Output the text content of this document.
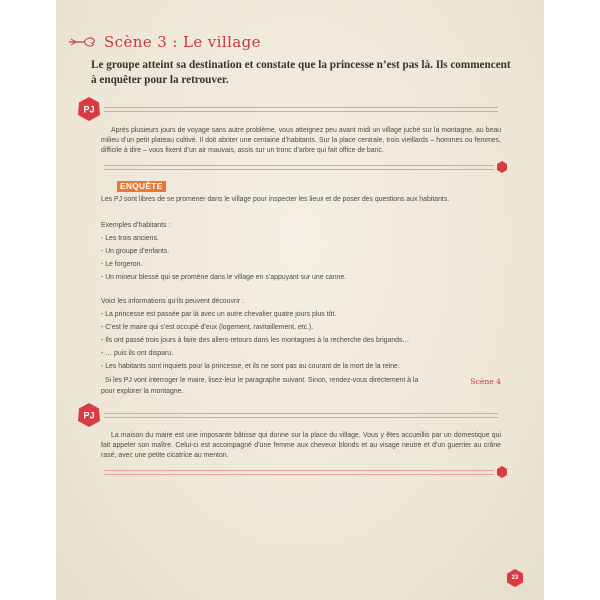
Scène 3 : Le village
Le groupe atteint sa destination et constate que la princesse n’est pas là. Ils commencent à enquêter pour la retrouver.
PJ
Après plusieurs jours de voyage sans autre problème, vous atteignez peu avant midi un village juché sur la montagne, au beau milieu d’un petit plateau cultivé. Il doit abriter une centaine d’habitants. Sur la place centrale, trois vieillards – hommes ou femmes, difficile à dire – vous fixent d’un air mauvais, assis sur un tronc d’arbre qui fait office de banc.
ENQUÊTE
Les PJ sont libres de se promener dans le village pour inspecter les lieux et de poser des questions aux habitants.
Exemples d’habitants :
- Les trois anciens.
- Un groupe d’enfants.
- Le forgeron.
- Un mineur blessé qui se promène dans le village en s’appuyant sur une canne.
Voici les informations qu’ils peuvent découvrir :
- La princesse est passée par là avec un autre chevalier quatre jours plus tôt.
- C’est le maire qui s’est occupé d’eux (logement, ravitaillement, etc.).
- Ils ont passé trois jours à faire des allers-retours dans les montagnes à la recherche des brigands…
- … puis ils ont disparu.
- Les habitants sont inquiets pour la princesse, et ils ne sont pas au courant de la mort de la reine.
Si les PJ vont interroger le maire, lisez-leur le paragraphe suivant. Sinon, rendez-vous directement à la	Scène 4
pour explorer la montagne.
PJ
La maison du maire est une imposante bâtisse qui donne sur la place du village. Vous y êtes accueillis par un domestique qui fait appeler son maître. Celui-ci est accompagné d’une femme aux cheveux blonds et au visage neutre et d’un guerrier au crâne rasé, avec une petite cicatrice au menton.
23
